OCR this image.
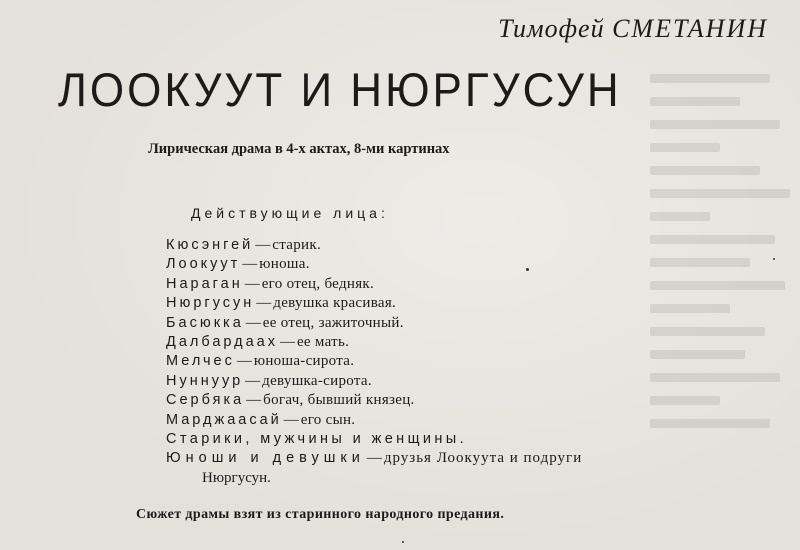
Тимофей СМЕТАНИН
ЛООКУУТ И НЮРГУСУН
Лирическая драма в 4-х актах, 8-ми картинах
Действующие лица:
Кюсэнгей — старик.
Лоокуут — юноша.
Нараган — его отец, бедняк.
Нюргусун — девушка красивая.
Басюкка — ее отец, зажиточный.
Далбардаах — ее мать.
Мелчес — юноша-сирота.
Нуннуур — девушка-сирота.
Сербяка — богач, бывший князец.
Марджаасай — его сын.
Старики, мужчины и женщины.
Юноши и девушки — друзья Лоокуута и подруги
Нюргусун.
Сюжет драмы взят из старинного народного предания.
